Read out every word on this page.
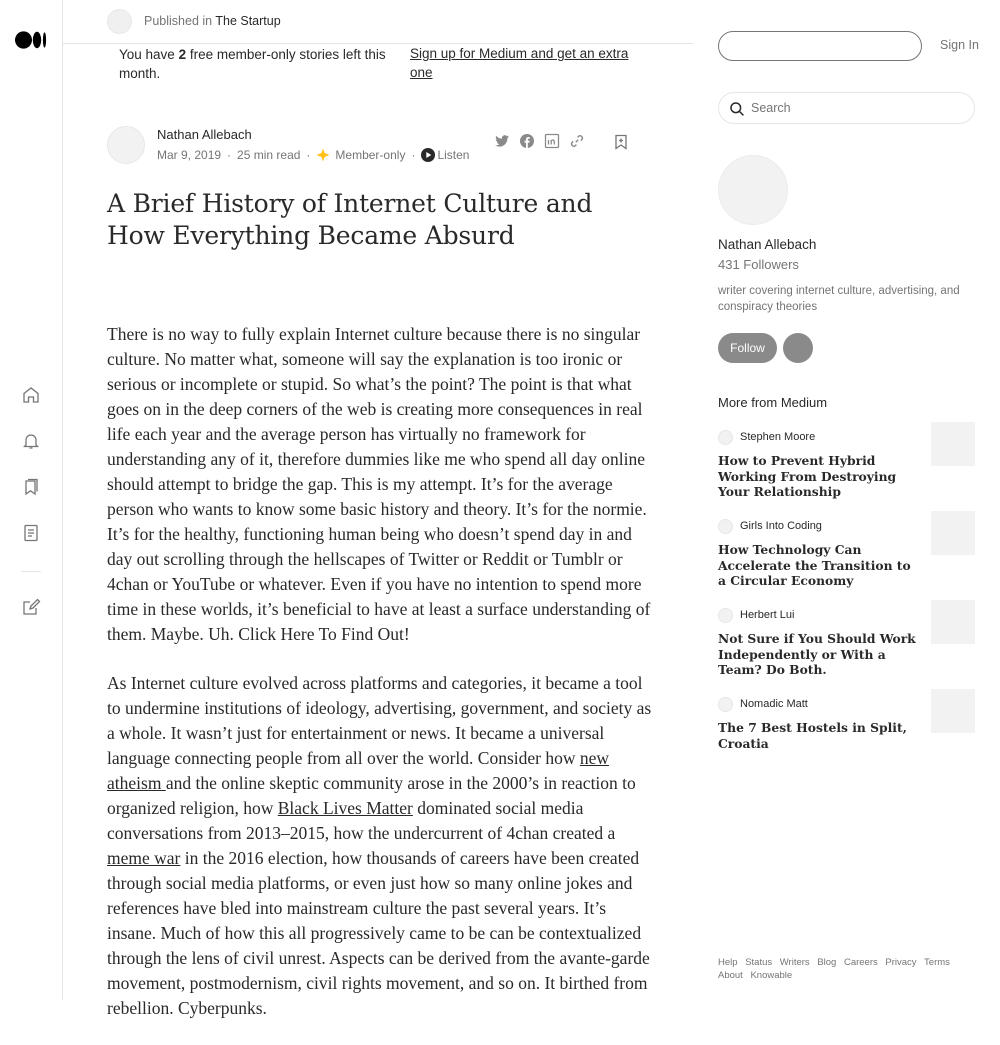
Published in The Startup
You have 2 free member-only stories left this month.
Sign up for Medium and get an extra one
Nathan Allebach
Mar 9, 2019 · 25 min read · Member-only · Listen
A Brief History of Internet Culture and How Everything Became Absurd

There is no way to fully explain Internet culture because there is no singular culture. No matter what, someone will say the explanation is too ironic or serious or incomplete or stupid. So what’s the point? The point is that what goes on in the deep corners of the web is creating more consequences in real life each year and the average person has virtually no framework for understanding any of it, therefore dummies like me who spend all day online should attempt to bridge the gap. This is my attempt. It’s for the average person who wants to know some basic history and theory. It’s for the normie. It’s for the healthy, functioning human being who doesn’t spend day in and day out scrolling through the hellscapes of Twitter or Reddit or Tumblr or 4chan or YouTube or whatever. Even if you have no intention to spend more time in these worlds, it’s beneficial to have at least a surface understanding of them. Maybe. Uh. Click Here To Find Out!

As Internet culture evolved across platforms and categories, it became a tool to undermine institutions of ideology, advertising, government, and society as a whole. It wasn’t just for entertainment or news. It became a universal language connecting people from all over the world. Consider how new atheism and the online skeptic community arose in the 2000’s in reaction to organized religion, how Black Lives Matter dominated social media conversations from 2013–2015, how the undercurrent of 4chan created a meme war in the 2016 election, how thousands of careers have been created through social media platforms, or even just how so many online jokes and references have bled into mainstream culture the past several years. It’s insane. Much of how this all progressively came to be can be contextualized through the lens of civil unrest. Aspects can be derived from the avante-garde movement, postmodernism, civil rights movement, and so on. It birthed from rebellion. Cyberpunks.

Sign In
Search
Nathan Allebach
431 Followers
writer covering internet culture, advertising, and conspiracy theories
Follow
More from Medium
Stephen Moore
How to Prevent Hybrid Working From Destroying Your Relationship
Girls Into Coding
How Technology Can Accelerate the Transition to a Circular Economy
Herbert Lui
Not Sure if You Should Work Independently or With a Team? Do Both.
Nomadic Matt
The 7 Best Hostels in Split, Croatia
Help Status Writers Blog Careers Privacy Terms About Knowable
